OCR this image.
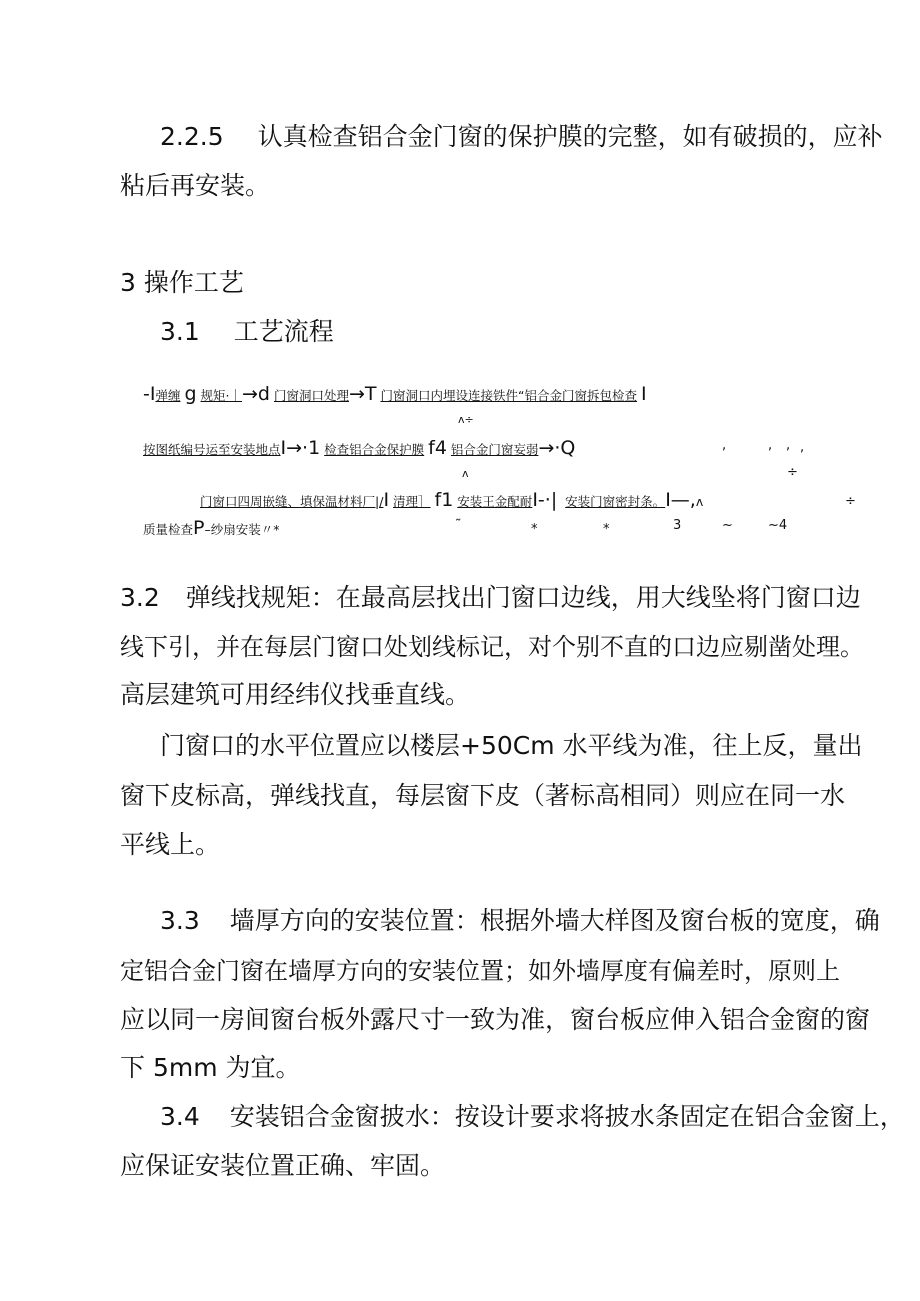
2.2.5 认真检查铝合金门窗的保护膜的完整，如有破损的，应补
粘后再安装。
3 操作工艺
3.1 工艺流程
-I弹缠 g 规矩·｜→d 门窗洞口处理→T 门窗洞口内埋设连接铁件“铝合金门窗拆包检查 I
ʌ÷
按图纸编号运至安装地点I→·1 检查铝合金保护膜 f4 铝合金门窗妄弱→·Q	,	, , ,
ʌ	÷
门窗口四周嵌缝、填保温材料厂|/I 清理］ f1 安装王金配耐I-·| 安装门窗密封条。I—,ʌ	÷
质量检查P–纱扇安装〃*	˜	*	*	3	~	~4
3.2 弹线找规矩：在最高层找出门窗口边线，用大线坠将门窗口边
线下引，并在每层门窗口处划线标记，对个别不直的口边应剔凿处理。
高层建筑可用经纬仪找垂直线。
门窗口的水平位置应以楼层+50Cm 水平线为准，往上反，量出
窗下皮标高，弹线找直，每层窗下皮（著标高相同）则应在同一水
平线上。
3.3 墙厚方向的安装位置：根据外墙大样图及窗台板的宽度，确
定铝合金门窗在墙厚方向的安装位置；如外墙厚度有偏差时，原则上
应以同一房间窗台板外露尺寸一致为准，窗台板应伸入铝合金窗的窗
下 5mm 为宜。
3.4 安装铝合金窗披水：按设计要求将披水条固定在铝合金窗上，
应保证安装位置正确、牢固。
